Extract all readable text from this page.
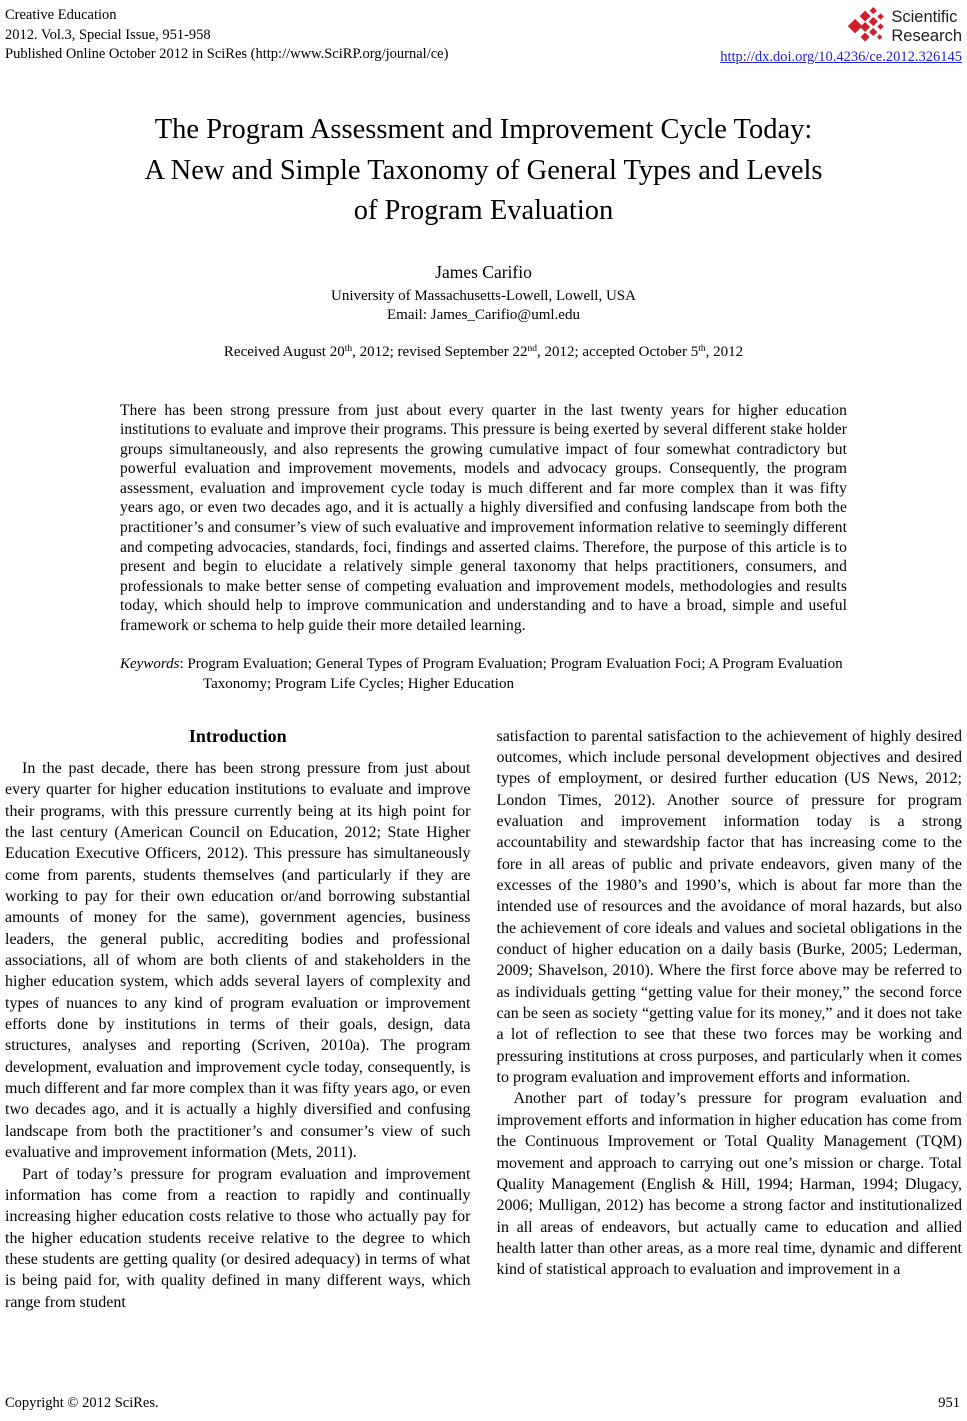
Creative Education
2012. Vol.3, Special Issue, 951-958
Published Online October 2012 in SciRes (http://www.SciRP.org/journal/ce)
Scientific
Research
http://dx.doi.org/10.4236/ce.2012.326145
The Program Assessment and Improvement Cycle Today:
A New and Simple Taxonomy of General Types and Levels
of Program Evaluation
James Carifio
University of Massachusetts-Lowell, Lowell, USA
Email: James_Carifio@uml.edu
Received August 20th, 2012; revised September 22nd, 2012; accepted October 5th, 2012
There has been strong pressure from just about every quarter in the last twenty years for higher education institutions to evaluate and improve their programs. This pressure is being exerted by several different stake holder groups simultaneously, and also represents the growing cumulative impact of four somewhat contradictory but powerful evaluation and improvement movements, models and advocacy groups. Consequently, the program assessment, evaluation and improvement cycle today is much different and far more complex than it was fifty years ago, or even two decades ago, and it is actually a highly diversified and confusing landscape from both the practitioner’s and consumer’s view of such evaluative and improvement information relative to seemingly different and competing advocacies, standards, foci, findings and asserted claims. Therefore, the purpose of this article is to present and begin to elucidate a relatively simple general taxonomy that helps practitioners, consumers, and professionals to make better sense of competing evaluation and improvement models, methodologies and results today, which should help to improve communication and understanding and to have a broad, simple and useful framework or schema to help guide their more detailed learning.
Keywords: Program Evaluation; General Types of Program Evaluation; Program Evaluation Foci; A Program Evaluation Taxonomy; Program Life Cycles; Higher Education
Introduction

In the past decade, there has been strong pressure from just about every quarter for higher education institutions to evaluate and improve their programs, with this pressure currently being at its high point for the last century (American Council on Education, 2012; State Higher Education Executive Officers, 2012). This pressure has simultaneously come from parents, students themselves (and particularly if they are working to pay for their own education or/and borrowing substantial amounts of money for the same), government agencies, business leaders, the general public, accrediting bodies and professional associations, all of whom are both clients of and stakeholders in the higher education system, which adds several layers of complexity and types of nuances to any kind of program evaluation or improvement efforts done by institutions in terms of their goals, design, data structures, analyses and reporting (Scriven, 2010a). The program development, evaluation and improvement cycle today, consequently, is much different and far more complex than it was fifty years ago, or even two decades ago, and it is actually a highly diversified and confusing landscape from both the practitioner’s and consumer’s view of such evaluative and improvement information (Mets, 2011).

Part of today’s pressure for program evaluation and improvement information has come from a reaction to rapidly and continually increasing higher education costs relative to those who actually pay for the higher education students receive relative to the degree to which these students are getting quality (or desired adequacy) in terms of what is being paid for, with quality defined in many different ways, which range from student

satisfaction to parental satisfaction to the achievement of highly desired outcomes, which include personal development objectives and desired types of employment, or desired further education (US News, 2012; London Times, 2012). Another source of pressure for program evaluation and improvement information today is a strong accountability and stewardship factor that has increasing come to the fore in all areas of public and private endeavors, given many of the excesses of the 1980’s and 1990’s, which is about far more than the intended use of resources and the avoidance of moral hazards, but also the achievement of core ideals and values and societal obligations in the conduct of higher education on a daily basis (Burke, 2005; Lederman, 2009; Shavelson, 2010). Where the first force above may be referred to as individuals getting “getting value for their money,” the second force can be seen as society “getting value for its money,” and it does not take a lot of reflection to see that these two forces may be working and pressuring institutions at cross purposes, and particularly when it comes to program evaluation and improvement efforts and information.

Another part of today’s pressure for program evaluation and improvement efforts and information in higher education has come from the Continuous Improvement or Total Quality Management (TQM) movement and approach to carrying out one’s mission or charge. Total Quality Management (English & Hill, 1994; Harman, 1994; Dlugacy, 2006; Mulligan, 2012) has become a strong factor and institutionalized in all areas of endeavors, but actually came to education and allied health latter than other areas, as a more real time, dynamic and different kind of statistical approach to evaluation and improvement in a

Copyright © 2012 SciRes.	951
